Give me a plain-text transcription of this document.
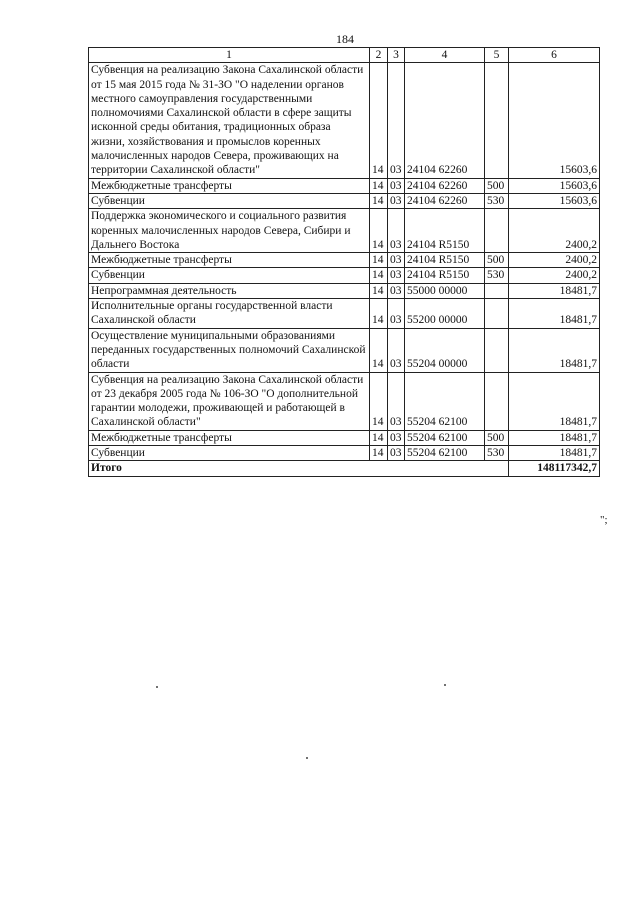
184
1	2	3	4	5	6
Субвенция на реализацию Закона Сахалинской области от 15 мая 2015 года № 31-ЗО "О наделении органов местного самоуправления государственными полномочиями Сахалинской области в сфере защиты исконной среды обитания, традиционных образа жизни, хозяйствования и промыслов коренных малочисленных народов Севера, проживающих на территории Сахалинской области"	14	03	24104 62260		15603,6
Межбюджетные трансферты	14	03	24104 62260	500	15603,6
Субвенции	14	03	24104 62260	530	15603,6
Поддержка экономического и социального развития коренных малочисленных народов Севера, Сибири и Дальнего Востока	14	03	24104 R5150		2400,2
Межбюджетные трансферты	14	03	24104 R5150	500	2400,2
Субвенции	14	03	24104 R5150	530	2400,2
Непрограммная деятельность	14	03	55000 00000		18481,7
Исполнительные органы государственной власти Сахалинской области	14	03	55200 00000		18481,7
Осуществление муниципальными образованиями переданных государственных полномочий Сахалинской области	14	03	55204 00000		18481,7
Субвенция на реализацию Закона Сахалинской области от 23 декабря 2005 года № 106-ЗО "О дополнительной гарантии молодежи, проживающей и работающей в Сахалинской области"	14	03	55204 62100		18481,7
Межбюджетные трансферты	14	03	55204 62100	500	18481,7
Субвенции	14	03	55204 62100	530	18481,7
Итого					148117342,7
";
